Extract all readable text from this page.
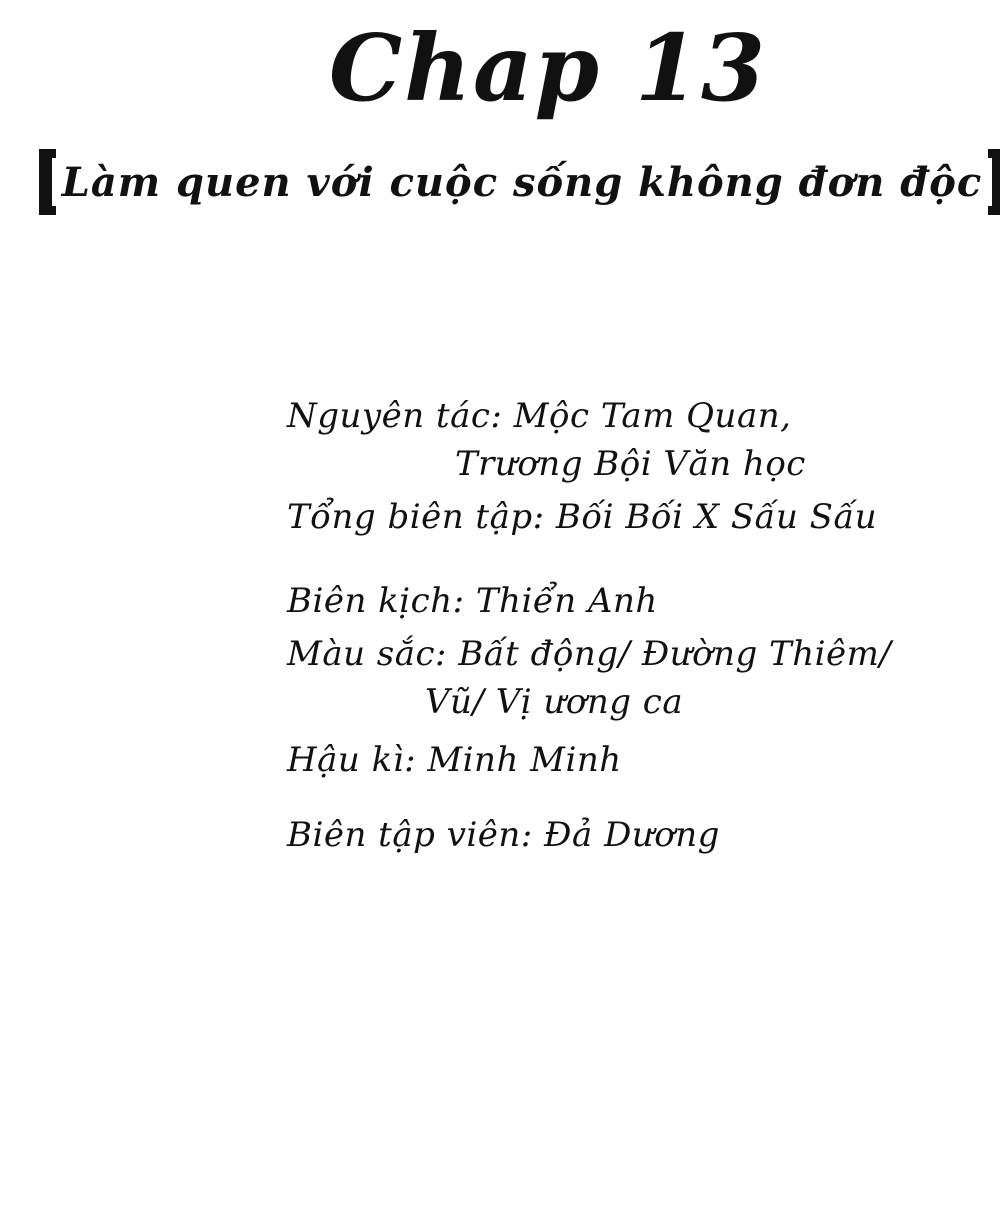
Chap 13
Làm quen với cuộc sống không đơn độc
Nguyên tác: Mộc Tam Quan,
Trương Bội Văn học
Tổng biên tập: Bối Bối X Sấu Sấu
Biên kịch: Thiển Anh
Màu sắc: Bất động/ Đường Thiêm/
Vũ/ Vị ương ca
Hậu kì: Minh Minh
Biên tập viên: Đả Dương
